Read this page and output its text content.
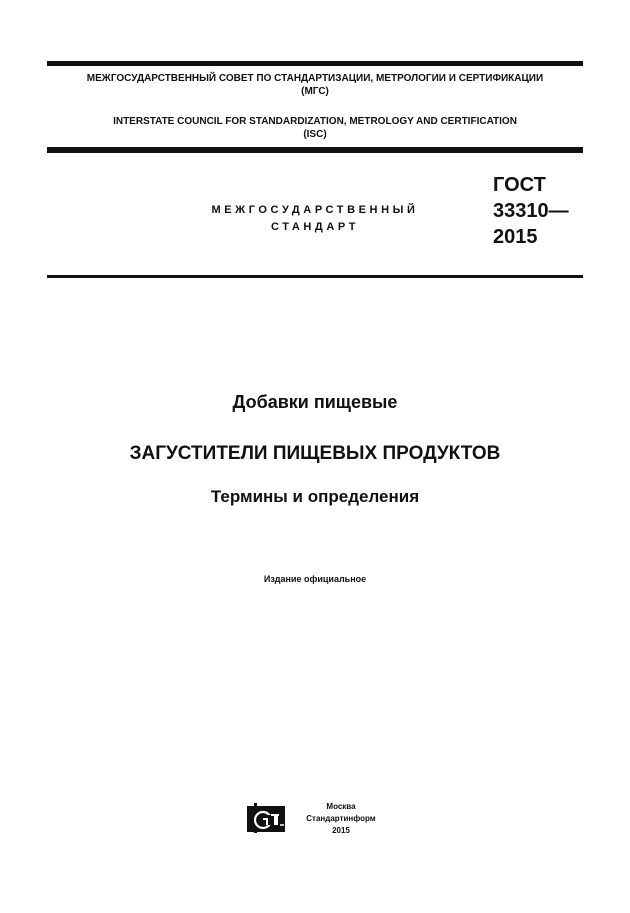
МЕЖГОСУДАРСТВЕННЫЙ СОВЕТ ПО СТАНДАРТИЗАЦИИ, МЕТРОЛОГИИ И СЕРТИФИКАЦИИ
(МГС)
INTERSTATE COUNCIL FOR STANDARDIZATION, METROLOGY AND CERTIFICATION
(ISC)
МЕЖГОСУДАРСТВЕННЫЙ
СТАНДАРТ
ГОСТ
33310—
2015
Добавки пищевые
ЗАГУСТИТЕЛИ ПИЩЕВЫХ ПРОДУКТОВ
Термины и определения
Издание официальное
Москва
Стандартинформ
2015
